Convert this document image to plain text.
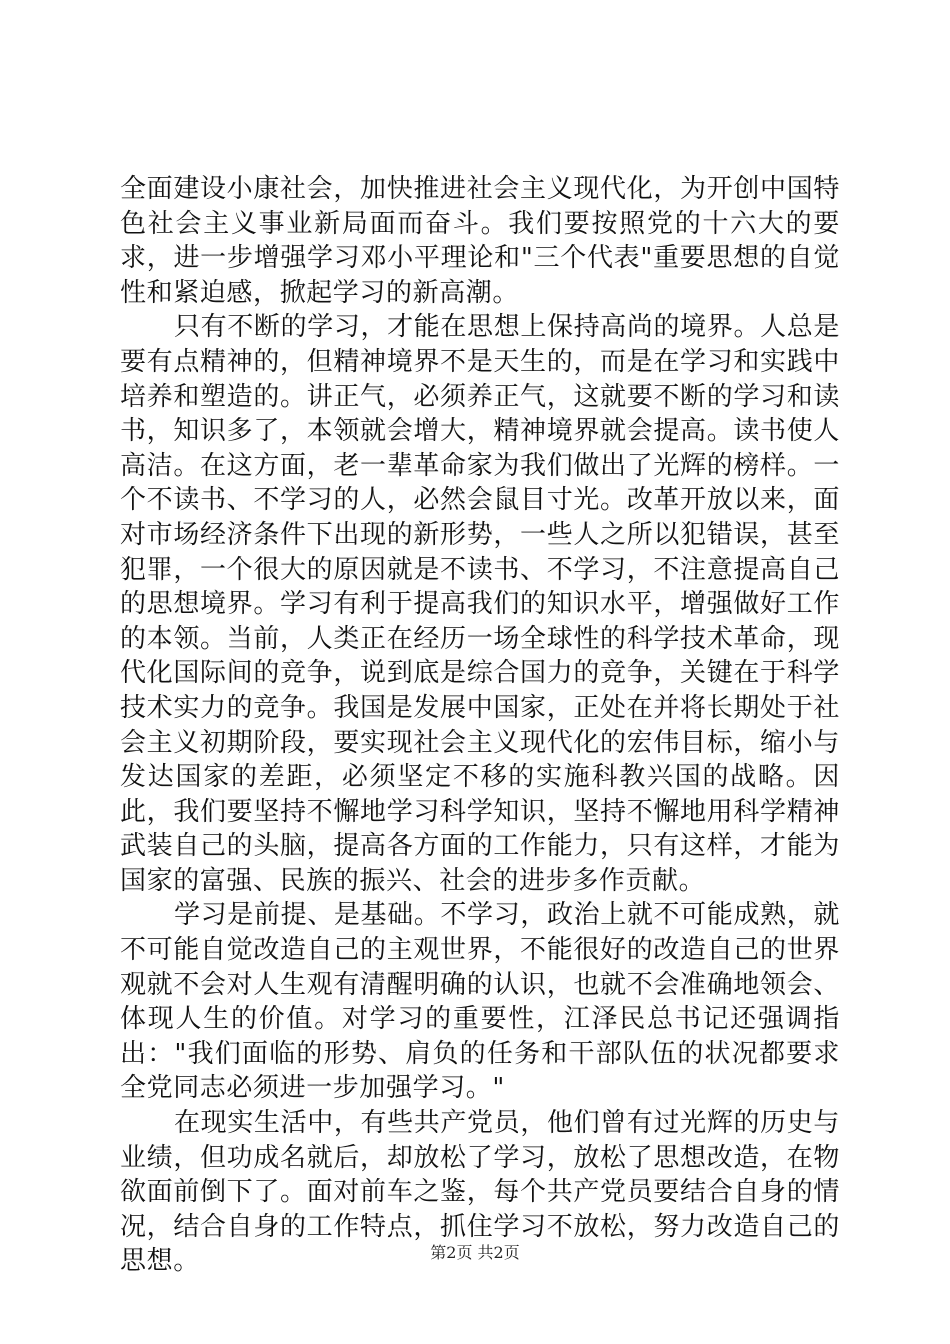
全面建设小康社会，加快推进社会主义现代化，为开创中国特色社会主义事业新局面而奋斗。我们要按照党的十六大的要求，进一步增强学习邓小平理论和"三个代表"重要思想的自觉性和紧迫感，掀起学习的新高潮。

只有不断的学习，才能在思想上保持高尚的境界。人总是要有点精神的，但精神境界不是天生的，而是在学习和实践中培养和塑造的。讲正气，必须养正气，这就要不断的学习和读书，知识多了，本领就会增大，精神境界就会提高。读书使人高洁。在这方面，老一辈革命家为我们做出了光辉的榜样。一个不读书、不学习的人，必然会鼠目寸光。改革开放以来，面对市场经济条件下出现的新形势，一些人之所以犯错误，甚至犯罪，一个很大的原因就是不读书、不学习，不注意提高自己的思想境界。学习有利于提高我们的知识水平，增强做好工作的本领。当前，人类正在经历一场全球性的科学技术革命，现代化国际间的竞争，说到底是综合国力的竞争，关键在于科学技术实力的竞争。我国是发展中国家，正处在并将长期处于社会主义初期阶段，要实现社会主义现代化的宏伟目标，缩小与发达国家的差距，必须坚定不移的实施科教兴国的战略。因此，我们要坚持不懈地学习科学知识，坚持不懈地用科学精神武装自己的头脑，提高各方面的工作能力，只有这样，才能为国家的富强、民族的振兴、社会的进步多作贡献。

学习是前提、是基础。不学习，政治上就不可能成熟，就不可能自觉改造自己的主观世界，不能很好的改造自己的世界观就不会对人生观有清醒明确的认识，也就不会准确地领会、体现人生的价值。对学习的重要性，江泽民总书记还强调指出："我们面临的形势、肩负的任务和干部队伍的状况都要求全党同志必须进一步加强学习。"

在现实生活中，有些共产党员，他们曾有过光辉的历史与业绩，但功成名就后，却放松了学习，放松了思想改造，在物欲面前倒下了。面对前车之鉴，每个共产党员要结合自身的情况，结合自身的工作特点，抓住学习不放松，努力改造自己的思想。	第2页 共2页
